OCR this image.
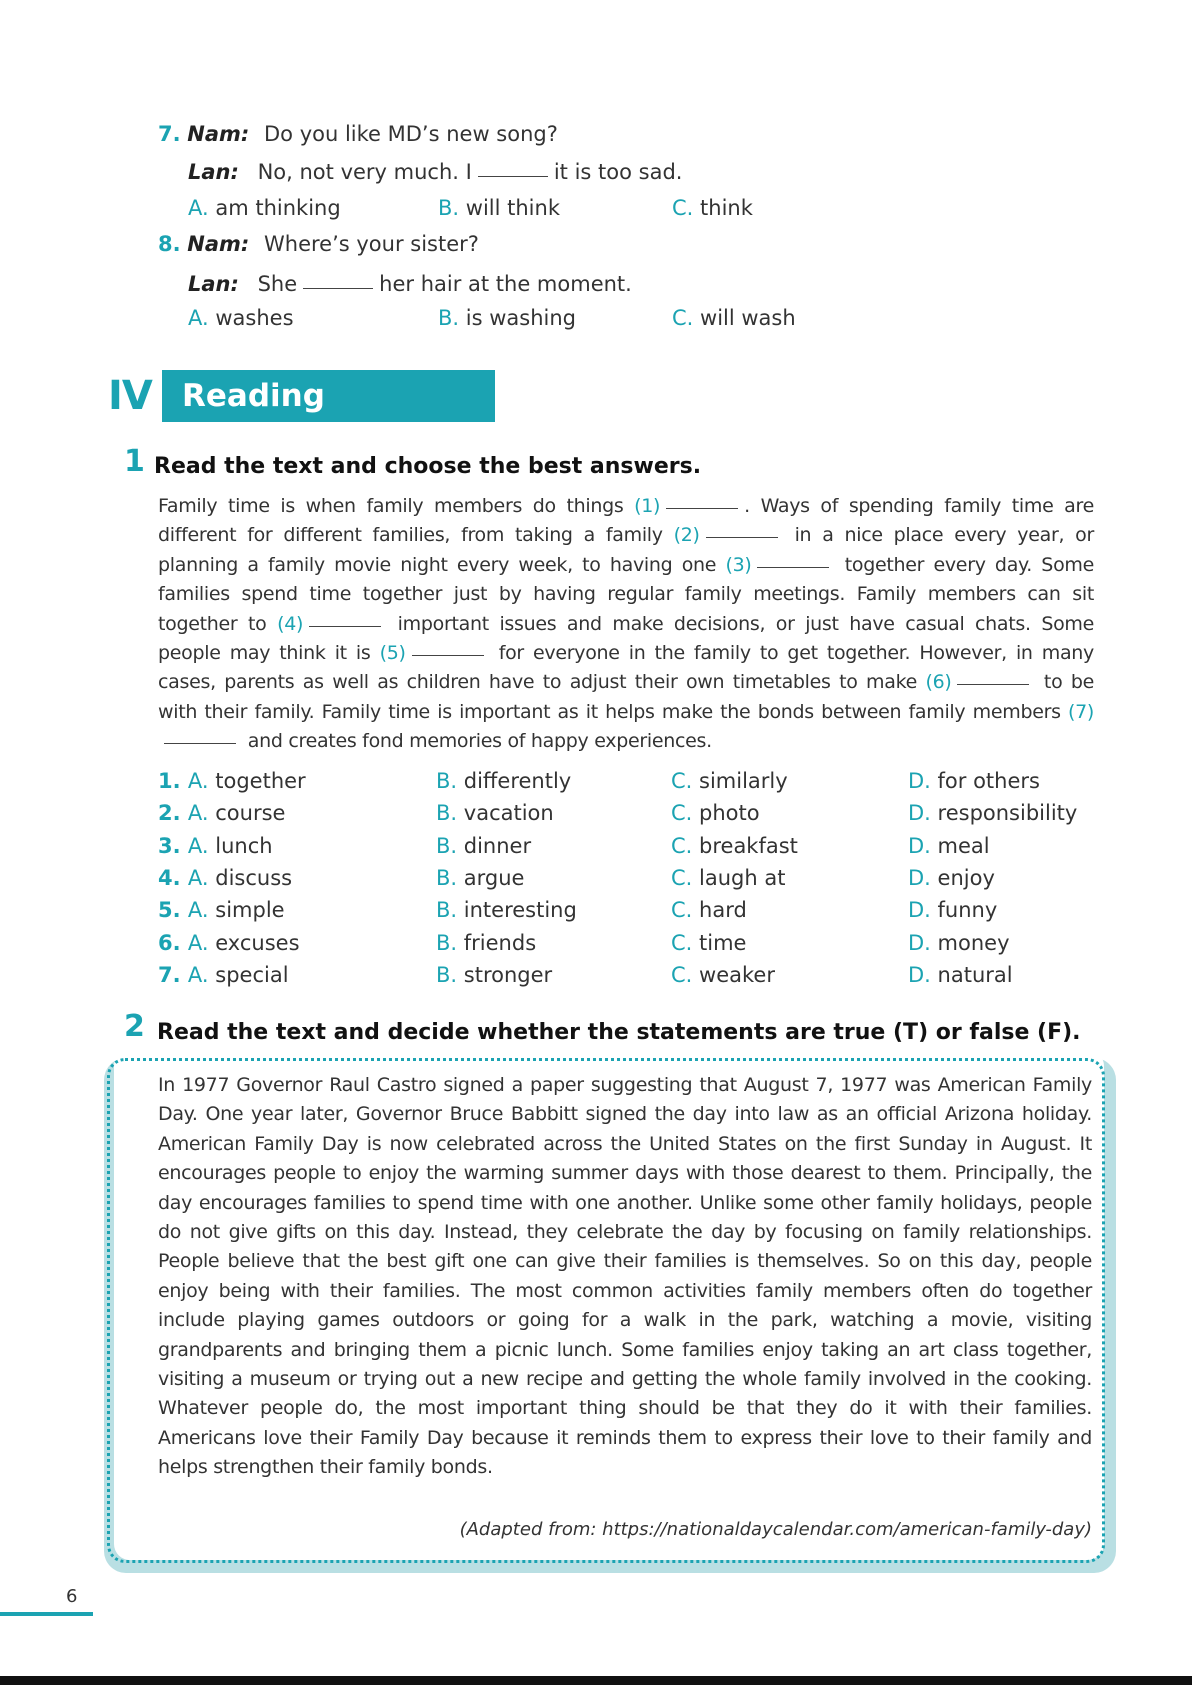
7. Nam: Do you like MD’s new song?
Lan: No, not very much. I	it is too sad.
A. am thinking	B. will think	C. think
8. Nam: Where’s your sister?
Lan: She	her hair at the moment.
A. washes	B. is washing	C. will wash
IV Reading
1 Read the text and choose the best answers.
Family time is when family members do things (1)	. Ways of spending family time are different for different families, from taking a family (2)	in a nice place every year, or planning a family movie night every week, to having one (3)	together every day. Some families spend time together just by having regular family meetings. Family members can sit together to (4)	important issues and make decisions, or just have casual chats. Some people may think it is (5)	for everyone in the family to get together. However, in many cases, parents as well as children have to adjust their own timetables to make (6)	to be with their family. Family time is important as it helps make the bonds between family members (7) and creates fond memories of happy experiences.
1. A. together	B. differently	C. similarly	D. for others
2. A. course	B. vacation	C. photo	D. responsibility
3. A. lunch	B. dinner	C. breakfast	D. meal
4. A. discuss	B. argue	C. laugh at	D. enjoy
5. A. simple	B. interesting	C. hard	D. funny
6. A. excuses	B. friends	C. time	D. money
7. A. special	B. stronger	C. weaker	D. natural
2 Read the text and decide whether the statements are true (T) or false (F).
In 1977 Governor Raul Castro signed a paper suggesting that August 7, 1977 was American Family Day. One year later, Governor Bruce Babbitt signed the day into law as an official Arizona holiday. American Family Day is now celebrated across the United States on the first Sunday in August. It encourages people to enjoy the warming summer days with those dearest to them. Principally, the day encourages families to spend time with one another. Unlike some other family holidays, people do not give gifts on this day. Instead, they celebrate the day by focusing on family relationships. People believe that the best gift one can give their families is themselves. So on this day, people enjoy being with their families. The most common activities family members often do together include playing games outdoors or going for a walk in the park, watching a movie, visiting grandparents and bringing them a picnic lunch. Some families enjoy taking an art class together, visiting a museum or trying out a new recipe and getting the whole family involved in the cooking. Whatever people do, the most important thing should be that they do it with their families. Americans love their Family Day because it reminds them to express their love to their family and helps strengthen their family bonds.
(Adapted from: https://nationaldaycalendar.com/american-family-day)
6
